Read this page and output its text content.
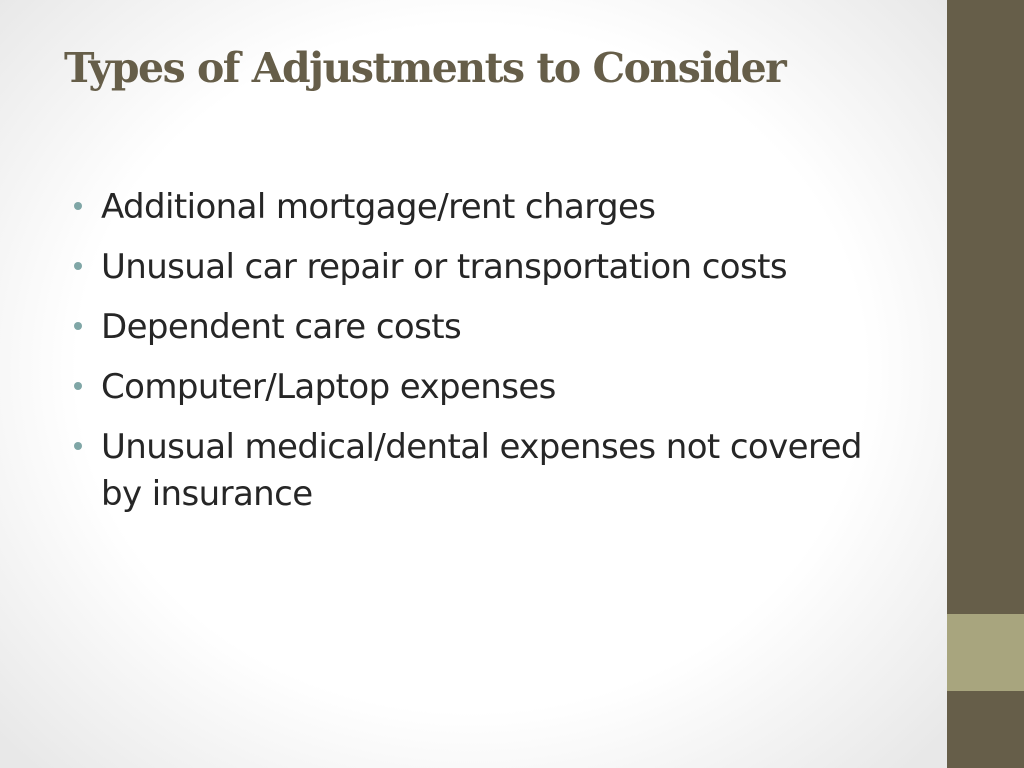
Types of Adjustments to Consider
Additional mortgage/rent charges
Unusual car repair or transportation costs
Dependent care costs
Computer/Laptop expenses
Unusual medical/dental expenses not covered by insurance
